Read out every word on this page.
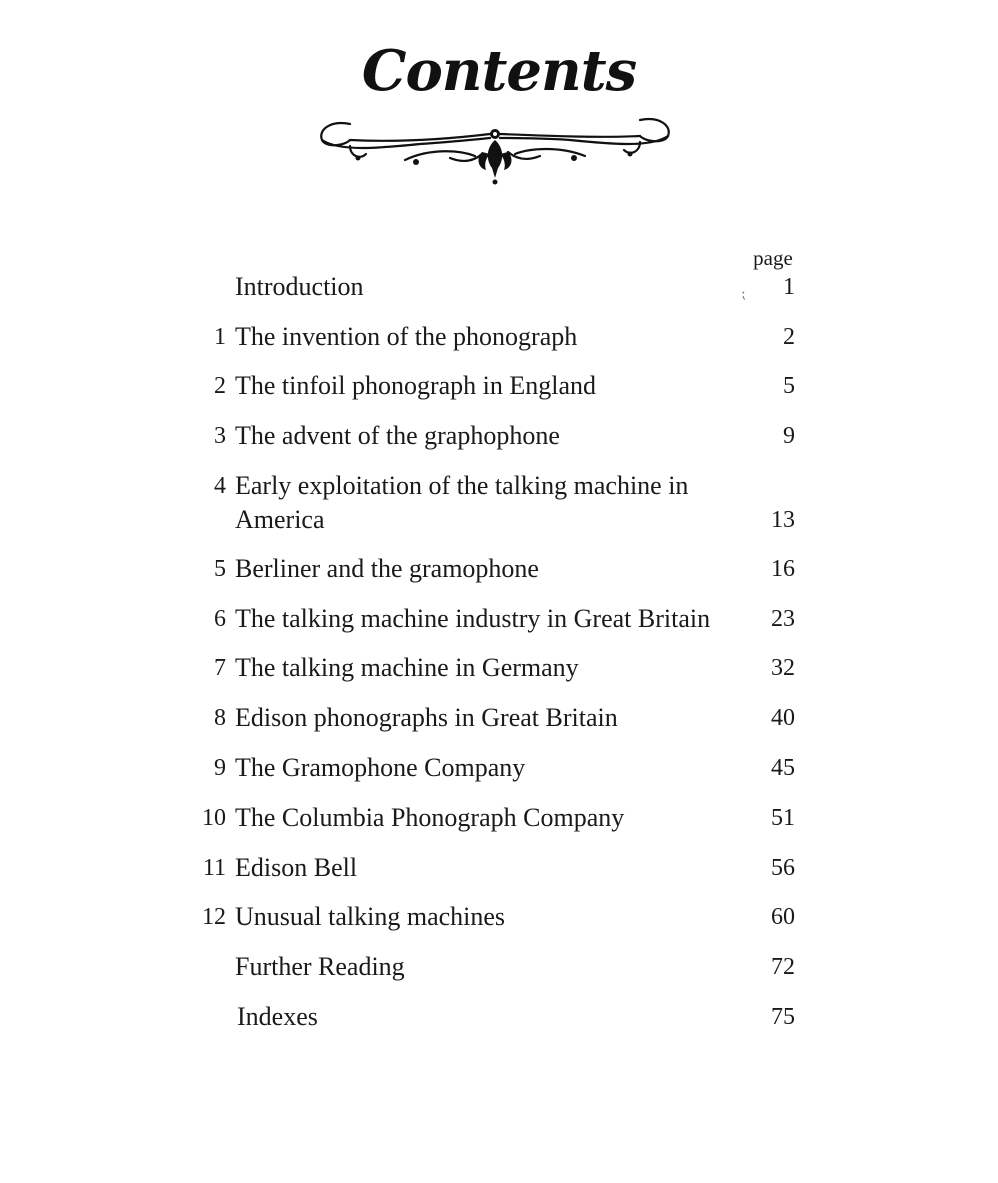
Contents
page
Introduction	1
1 The invention of the phonograph	2
2 The tinfoil phonograph in England	5
3 The advent of the graphophone	9
4 Early exploitation of the talking machine in
America	13
5 Berliner and the gramophone	16
6 The talking machine industry in Great Britain	23
7 The talking machine in Germany	32
8 Edison phonographs in Great Britain	40
9 The Gramophone Company	45
10 The Columbia Phonograph Company	51
11 Edison Bell	56
12 Unusual talking machines	60
Further Reading	72
Indexes	75
⁏
